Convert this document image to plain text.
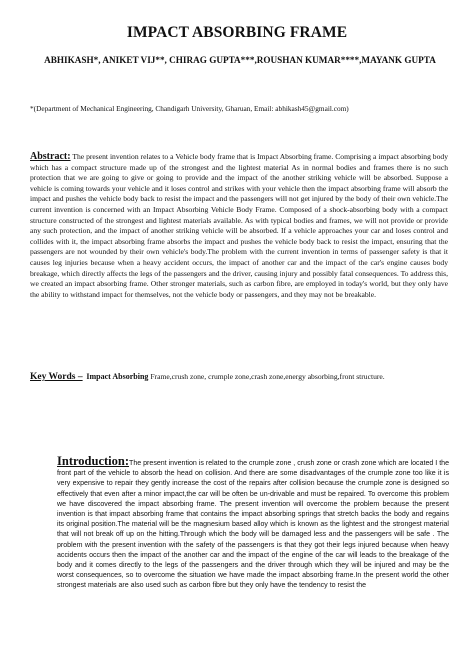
IMPACT ABSORBING FRAME
ABHIKASH*, ANIKET VIJ**, CHIRAG GUPTA***,ROUSHAN KUMAR****,MAYANK GUPTA
*(Department of Mechanical Engineering, Chandigarh University, Gharuan, Email: abhikash45@gmail.com)
Abstract: The present invention relates to a Vehicle body frame that is Impact Absorbing frame. Comprising a impact absorbing body which has a compact structure made up of the strongest and the lightest material As in normal bodies and frames there is no such protection that we are going to give or going to provide and the impact of the another striking vehicle will be absorbed. Suppose a vehicle is coming towards your vehicle and it loses control and strikes with your vehicle then the impact absorbing frame will absorb the impact and pushes the vehicle body back to resist the impact and the passengers will not get injured by the body of their own vehicle.The current invention is concerned with an Impact Absorbing Vehicle Body Frame. Composed of a shock-absorbing body with a compact structure constructed of the strongest and lightest materials available. As with typical bodies and frames, we will not provide or provide any such protection, and the impact of another striking vehicle will be absorbed. If a vehicle approaches your car and loses control and collides with it, the impact absorbing frame absorbs the impact and pushes the vehicle body back to resist the impact, ensuring that the passengers are not wounded by their own vehicle's body.The problem with the current invention in terms of passenger safety is that it causes leg injuries because when a heavy accident occurs, the impact of another car and the impact of the car's engine causes body breakage, which directly affects the legs of the passengers and the driver, causing injury and possibly fatal consequences. To address this, we created an impact absorbing frame. Other stronger materials, such as carbon fibre, are employed in today's world, but they only have the ability to withstand impact for themselves, not the vehicle body or passengers, and they may not be breakable.
Key Words – Impact Absorbing Frame,crush zone, crumple zone,crash zone,energy absorbing,front structure.
Introduction:The present invention is related to the crumple zone , crush zone or crash zone which are located I the front part of the vehicle to absorb the head on collision. And there are some disadvantages of the crumple zone too like it is very expensive to repair they gently increase the cost of the repairs after collision because the crumple zone is designed so effectively that even after a minor impact,the car will be often be un-drivable and must be repaired. To overcome this problem we have discovered the impact absorbing frame. The present invention will overcome the problem because the present invention is that impact absorbing frame that contains the impact absorbing springs that stretch backs the body and regains its original position.The material will be the magnesium based alloy which is known as the lightest and the strongest material that will not break off up on the hitting.Through which the body will be damaged less and the passengers will be safe . The problem with the present invention with the safety of the passengers is that they got their legs injured because when heavy accidents occurs then the impact of the another car and the impact of the engine of the car will leads to the breakage of the body and it comes directly to the legs of the passengers and the driver through which they will be injured and may be the worst consequences, so to overcome the situation we have made the impact absorbing frame.In the present world the other strongest materials are also used such as carbon fibre but they only have the tendency to resist the
